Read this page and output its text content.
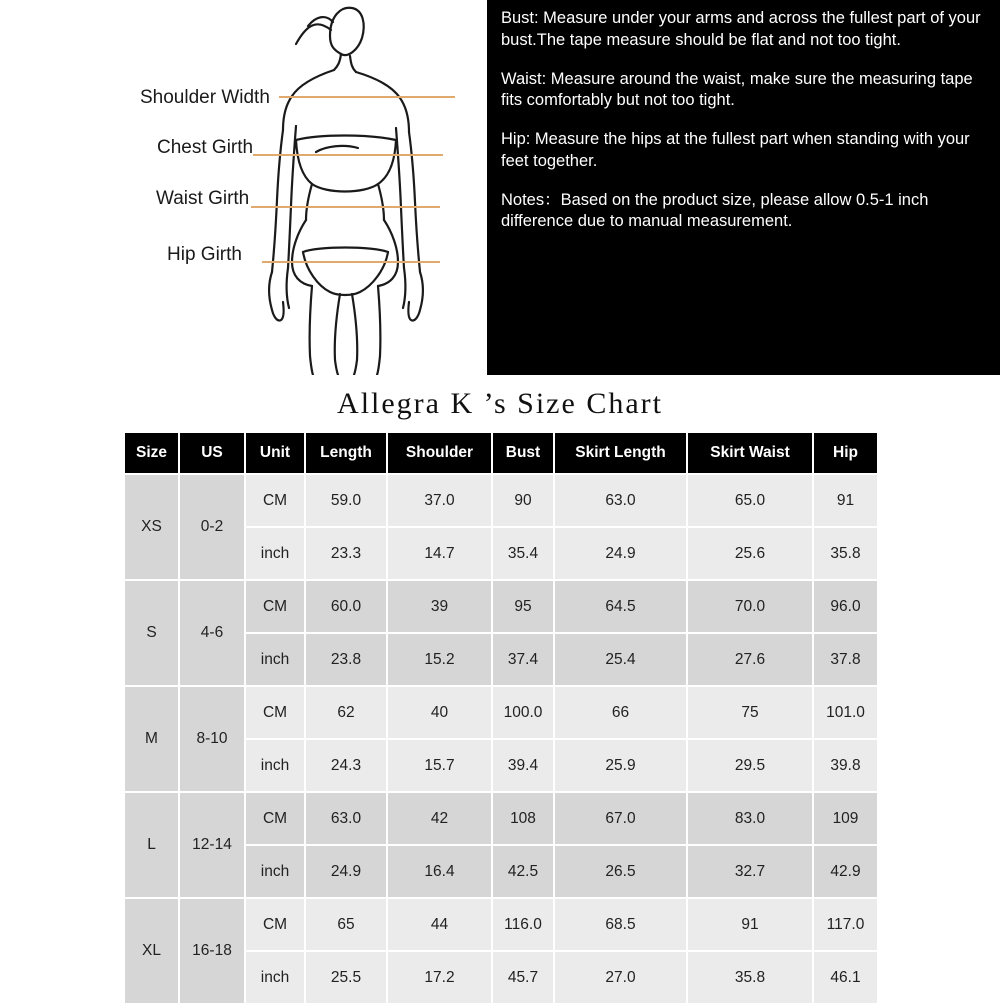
Shoulder Width
Chest Girth
Waist Girth
Hip Girth

Bust: Measure under your arms and across the fullest part of your bust.The tape measure should be flat and not too tight.

Waist: Measure around the waist, make sure the measuring tape fits comfortably but not too tight.

Hip: Measure the hips at the fullest part when standing with your feet together.

Notes：Based on the product size, please allow 0.5-1 inch difference due to manual measurement.

Allegra K ’s Size Chart
Size	US	Unit	Length	Shoulder	Bust	Skirt Length	Skirt Waist	Hip
XS	0-2	CM	59.0	37.0	90	63.0	65.0	91
		inch	23.3	14.7	35.4	24.9	25.6	35.8
S	4-6	CM	60.0	39	95	64.5	70.0	96.0
		inch	23.8	15.2	37.4	25.4	27.6	37.8
M	8-10	CM	62	40	100.0	66	75	101.0
		inch	24.3	15.7	39.4	25.9	29.5	39.8
L	12-14	CM	63.0	42	108	67.0	83.0	109
		inch	24.9	16.4	42.5	26.5	32.7	42.9
XL	16-18	CM	65	44	116.0	68.5	91	117.0
		inch	25.5	17.2	45.7	27.0	35.8	46.1
